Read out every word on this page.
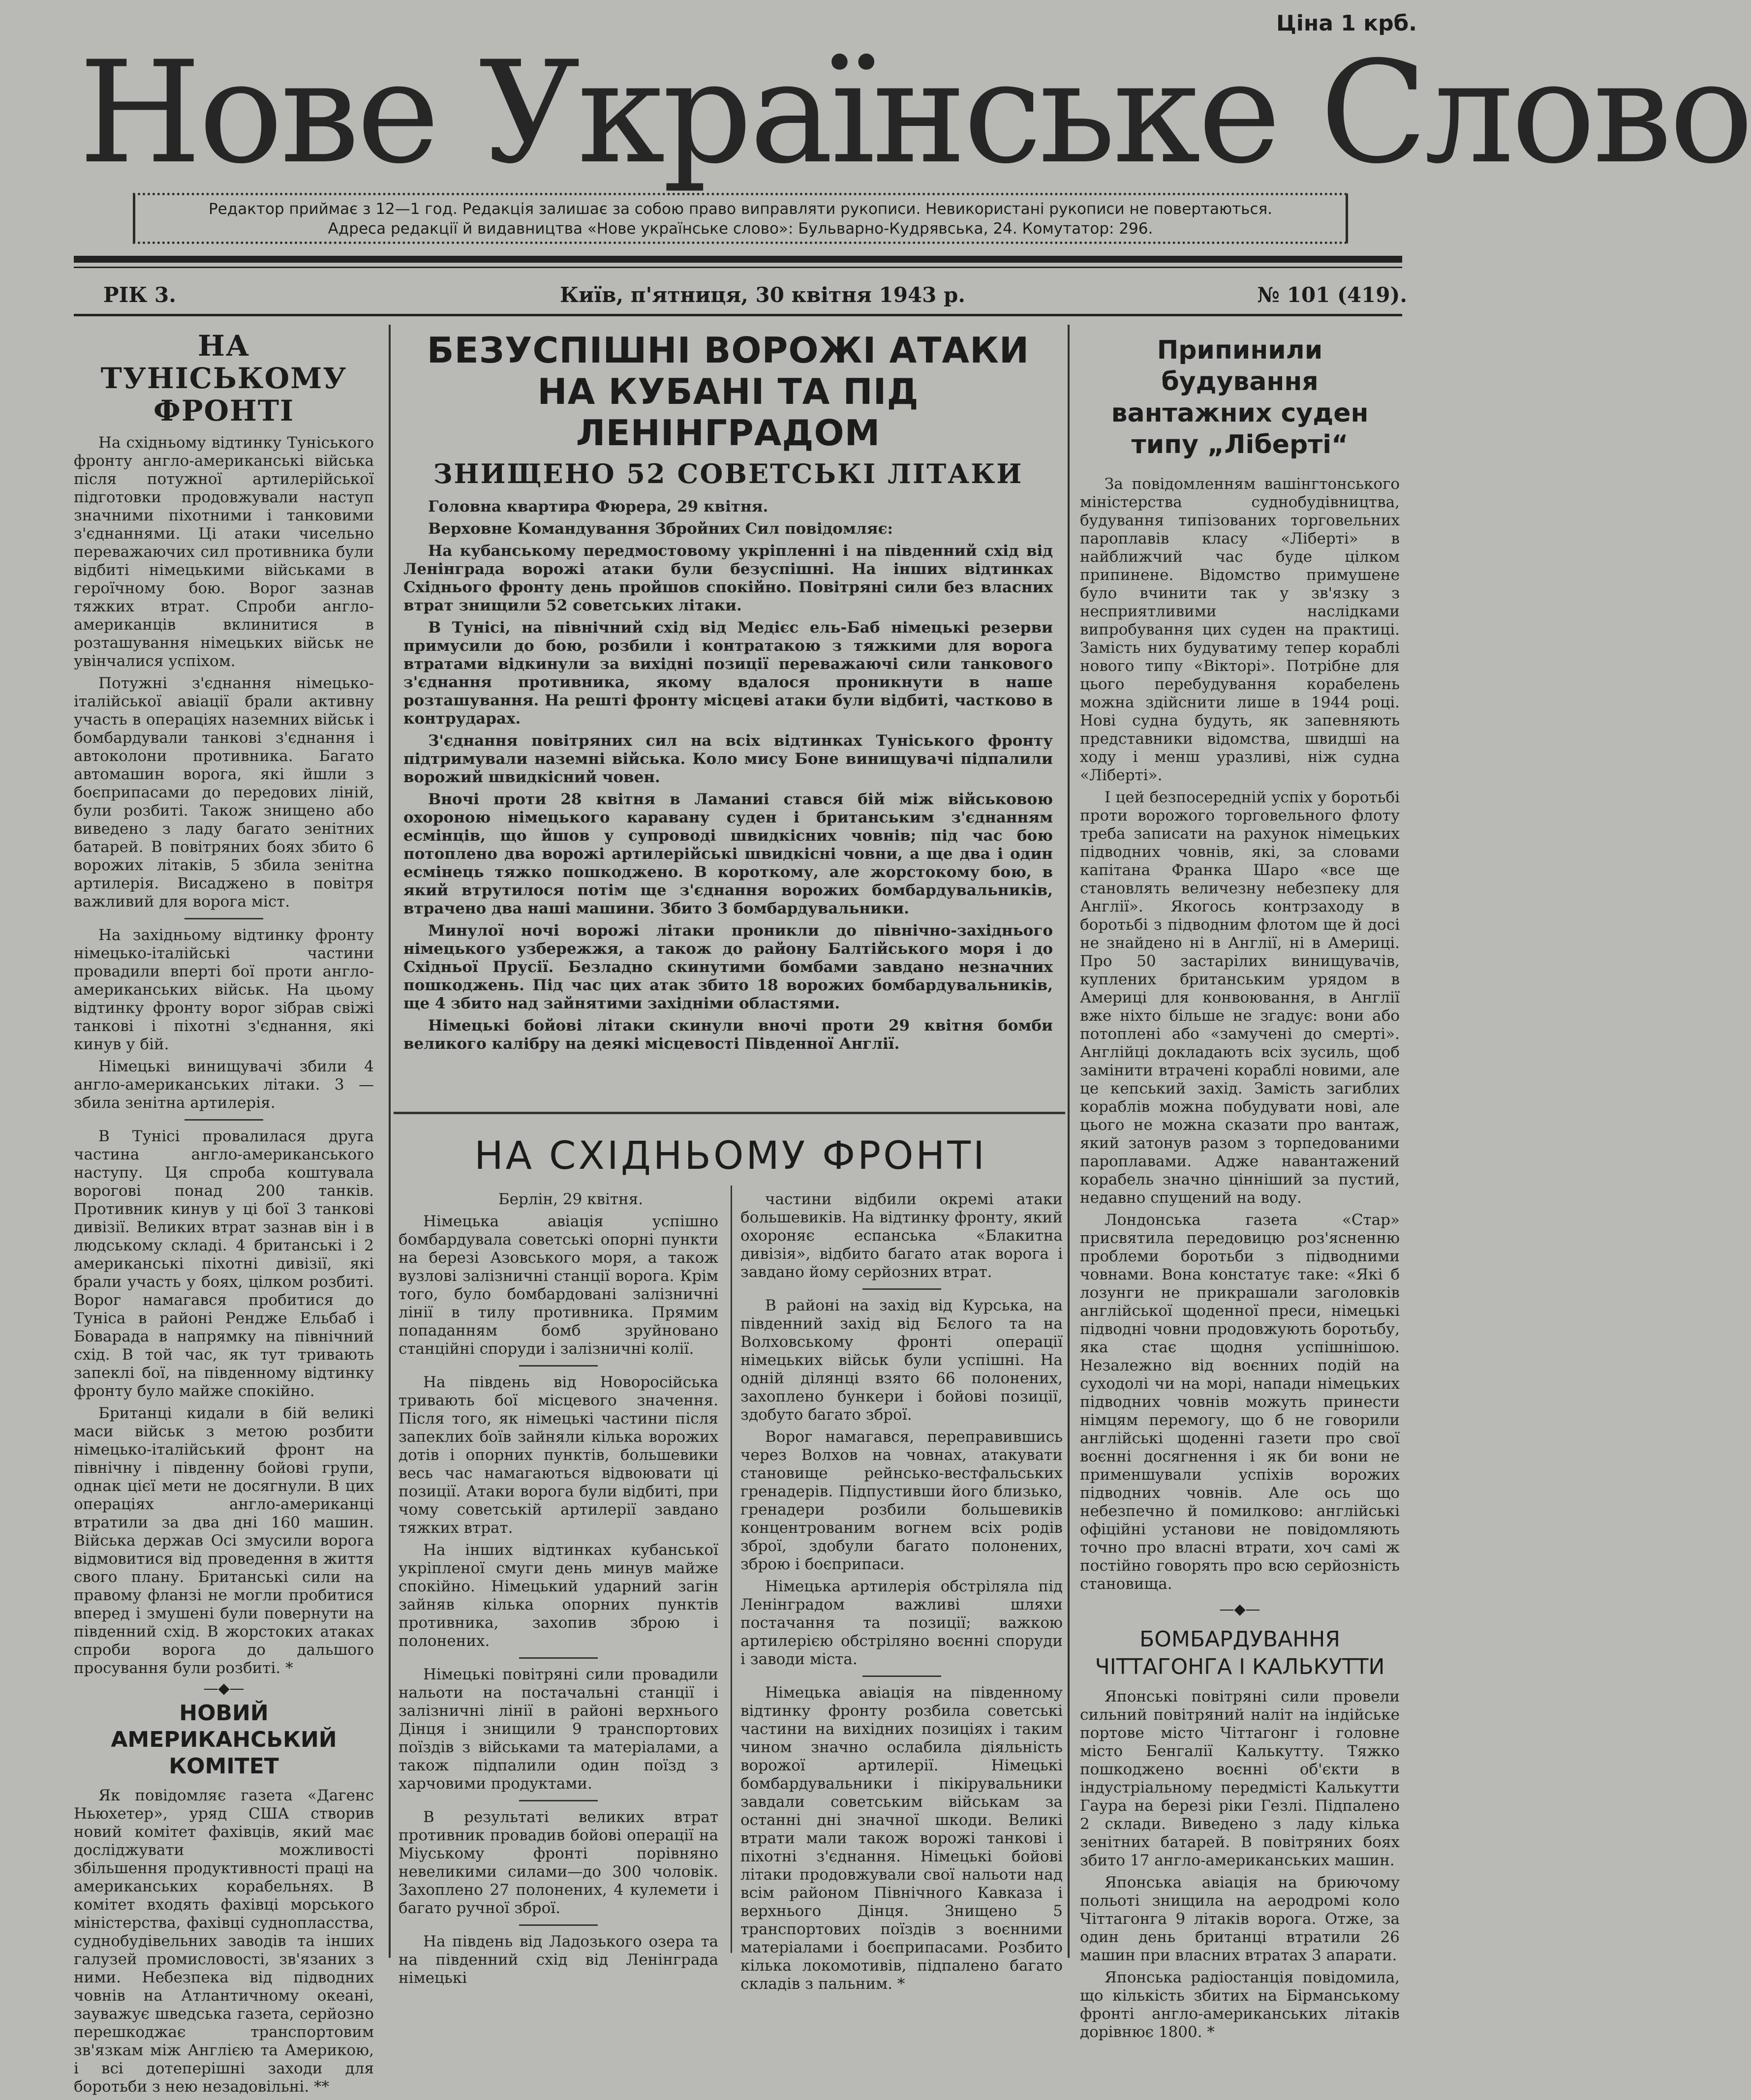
Ціна 1 крб.
Нове Українське Слово
Редактор приймає з 12—1 год. Редакція залишає за собою право виправляти рукописи. Невикористані рукописи не повертаються.
Адреса редакції й видавництва «Нове українське слово»: Бульварно-Кудрявська, 24. Комутатор: 296.
РІК 3.	Київ, п'ятниця, 30 квітня 1943 р.	№ 101 (419).
НА ТУНІСЬКОМУ ФРОНТІ

На східньому відтинку Туніського фронту англо-американські війська після потужної артилерійської підготовки продовжували наступ значними піхотними і танковими з'єднаннями. Ці атаки чисельно переважаючих сил противника були відбиті німецькими військами в героїчному бою. Ворог зазнав тяжких втрат. Спроби англо-американців вклинитися в розташування німецьких військ не увінчалися успіхом.

Потужні з'єднання німецько-італійської авіації брали активну участь в операціях наземних військ і бомбардували танкові з'єднання і автоколони противника. Багато автомашин ворога, які йшли з боєприпасами до передових ліній, були розбиті. Також знищено або виведено з ладу багато зенітних батарей. В повітряних боях збито 6 ворожих літаків, 5 збила зенітна артилерія. Висаджено в повітря важливий для ворога міст.

На західньому відтинку фронту німецько-італійські частини провадили вперті бої проти англо-американських військ. На цьому відтинку фронту ворог зібрав свіжі танкові і піхотні з'єднання, які кинув у бій.

Німецькі винищувачі збили 4 англо-американських літаки. 3 — збила зенітна артилерія.

В Тунісі провалилася друга частина англо-американського наступу. Ця спроба коштувала ворогові понад 200 танків. Противник кинув у ці бої 3 танкові дивізії. Великих втрат зазнав він і в людському складі. 4 британські і 2 американські піхотні дивізії, які брали участь у боях, цілком розбиті. Ворог намагався пробитися до Туніса в районі Рендже Ельбаб і Боварада в напрямку на північний схід. В той час, як тут тривають запеклі бої, на південному відтинку фронту було майже спокійно.

Британці кидали в бій великі маси військ з метою розбити німецько-італійський фронт на північну і південну бойові групи, однак цієї мети не досягнули. В цих операціях англо-американці втратили за два дні 160 машин. Війська держав Осі змусили ворога відмовитися від проведення в життя свого плану. Британські сили на правому фланзі не могли пробитися вперед і змушені були повернути на південний схід. В жорстоких атаках спроби ворога до дальшого просування були розбиті. *

—◆—
НОВИЙ АМЕРИКАНСЬКИЙ КОМІТЕТ

Як повідомляє газета «Дагенс Ньюхетер», уряд США створив новий комітет фахівців, який має досліджувати можливості збільшення продуктивності праці на американських корабельнях. В комітет входять фахівці морського міністерства, фахівці суднопласства, суднобудівельних заводів та інших галузей промисловості, зв'язаних з ними. Небезпека від підводних човнів на Атлантичному океані, зауважує шведська газета, серйозно перешкоджає транспортовим зв'язкам між Англією та Америкою, і всі дотеперішні заходи для боротьби з нею незадовільні. **

БЕЗУСПІШНІ ВОРОЖІ АТАКИ НА КУБАНІ ТА ПІД ЛЕНІНГРАДОМ
ЗНИЩЕНО 52 СОВЕТСЬКІ ЛІТАКИ

Головна квартира Фюрера, 29 квітня.

Верховне Командування Збройних Сил повідомляє:

На кубанському передмостовому укріпленні і на південний схід від Ленінграда ворожі атаки були безуспішні. На інших відтинках Східнього фронту день пройшов спокійно. Повітряні сили без власних втрат знищили 52 советських літаки.

В Тунісі, на північний схід від Медієс ель-Баб німецькі резерви примусили до бою, розбили і контратакою з тяжкими для ворога втратами відкинули за вихідні позиції переважаючі сили танкового з'єднання противника, якому вдалося проникнути в наше розташування. На решті фронту місцеві атаки були відбиті, частково в контрударах.

З'єднання повітряних сил на всіх відтинках Туніського фронту підтримували наземні війська. Коло мису Боне винищувачі підпалили ворожий швидкісний човен.

Вночі проти 28 квітня в Ламаниі стався бій між військовою охороною німецького каравану суден і британським з'єднанням есмінців, що йшов у супроводі швидкісних човнів; під час бою потоплено два ворожі артилерійські швидкісні човни, а ще два і один есмінець тяжко пошкоджено. В короткому, але жорстокому бою, в який втрутилося потім ще з'єднання ворожих бомбардувальників, втрачено два наші машини. Збито 3 бомбардувальники.

Минулої ночі ворожі літаки проникли до північно-західнього німецького узбережжя, а також до району Балтійського моря і до Східньої Прусії. Безладно скинутими бомбами завдано незначних пошкоджень. Під час цих атак збито 18 ворожих бомбардувальників, ще 4 збито над зайнятими західніми областями.

Німецькі бойові літаки скинули вночі проти 29 квітня бомби великого калібру на деякі місцевості Південної Англії.

НА СХІДНЬОМУ ФРОНТІ

Берлін, 29 квітня.

Німецька авіація успішно бомбардувала советські опорні пункти на березі Азовського моря, а також вузлові залізничні станції ворога. Крім того, було бомбардовані залізничні лінії в тилу противника. Прямим попаданням бомб зруйновано станційні споруди і залізничні колії.

На південь від Новоросійська тривають бої місцевого значення. Після того, як німецькі частини після запеклих боїв зайняли кілька ворожих дотів і опорних пунктів, большевики весь час намагаються відвоювати ці позиції. Атаки ворога були відбиті, при чому советській артилерії завдано тяжких втрат.

На інших відтинках кубанської укріпленої смуги день минув майже спокійно. Німецький ударний загін зайняв кілька опорних пунктів противника, захопив зброю і полонених.

Німецькі повітряні сили провадили нальоти на постачальні станції і залізничні лінії в районі верхнього Дінця і знищили 9 транспортових поїздів з військами та матеріалами, а також підпалили один поїзд з харчовими продуктами.

В результаті великих втрат противник провадив бойові операції на Міуському фронті порівняно невеликими силами—до 300 чоловік. Захоплено 27 полонених, 4 кулемети і багато ручної зброї.

На південь від Ладозького озера та на південний схід від Ленінграда німецькі

частини відбили окремі атаки большевиків. На відтинку фронту, який охороняє еспанська «Блакитна дивізія», відбито багато атак ворога і завдано йому серйозних втрат.

В районі на захід від Курська, на південний захід від Бєлого та на Волховському фронті операції німецьких військ були успішні. На одній ділянці взято 66 полонених, захоплено бункери і бойові позиції, здобуто багато зброї.

Ворог намагався, переправившись через Волхов на човнах, атакувати становище рейнсько-вестфальських гренадерів. Підпустивши його близько, гренадери розбили большевиків концентрованим вогнем всіх родів зброї, здобули багато полонених, зброю і боєприпаси.

Німецька артилерія обстріляла під Ленінградом важливі шляхи постачання та позиції; важкою артилерією обстріляно воєнні споруди і заводи міста.

Німецька авіація на південному відтинку фронту розбила советські частини на вихідних позиціях і таким чином значно ослабила діяльність ворожої артилерії. Німецькі бомбардувальники і пікірувальники завдали советським військам за останні дні значної шкоди. Великі втрати мали також ворожі танкові і піхотні з'єднання. Німецькі бойові літаки продовжували свої нальоти над всім районом Північного Кавказа і верхнього Дінця. Знищено 5 транспортових поїздів з воєнними матеріалами і боєприпасами. Розбито кілька локомотивів, підпалено багато складів з пальним. *

Припинили будування вантажних суден типу „Ліберті“

За повідомленням вашінгтонського міністерства суднобудівництва, будування типізованих торговельних пароплавів класу «Ліберті» в найближчий час буде цілком припинене. Відомство примушене було вчинити так у зв'язку з несприятливими наслідками випробування цих суден на практиці. Замість них будуватиму тепер кораблі нового типу «Вікторі». Потрібне для цього перебудування корабелень можна здійснити лише в 1944 році. Нові судна будуть, як запевняють представники відомства, швидші на ходу і менш уразливі, ніж судна «Ліберті».

І цей безпосередній успіх у боротьбі проти ворожого торговельного флоту треба записати на рахунок німецьких підводних човнів, які, за словами капітана Франка Шаро «все ще становлять величезну небезпеку для Англії». Якогось контрзаходу в боротьбі з підводним флотом ще й досі не знайдено ні в Англії, ні в Америці. Про 50 застарілих винищувачів, куплених британським урядом в Америці для конвоювання, в Англії вже ніхто більше не згадує: вони або потоплені або «замучені до смерті». Англійці докладають всіх зусиль, щоб замінити втрачені кораблі новими, але це кепський захід. Замість загиблих кораблів можна побудувати нові, але цього не можна сказати про вантаж, який затонув разом з торпедованими пароплавами. Адже навантажений корабель значно цінніший за пустий, недавно спущений на воду.

Лондонська газета «Стар» присвятила передовицю роз'ясненню проблеми боротьби з підводними човнами. Вона констатує таке: «Які б лозунги не прикрашали заголовків англійської щоденної преси, німецькі підводні човни продовжують боротьбу, яка стає щодня успішнішою. Незалежно від воєнних подій на суходолі чи на морі, напади німецьких підводних човнів можуть принести німцям перемогу, що б не говорили англійські щоденні газети про свої воєнні досягнення і як би вони не применшували успіхів ворожих підводних човнів. Але ось що небезпечно й помилково: англійські офіційні установи не повідомляють точно про власні втрати, хоч самі ж постійно говорять про всю серйозність становища.

—◆—
БОМБАРДУВАННЯ ЧІТТАГОНГА І КАЛЬКУТТИ

Японські повітряні сили провели сильний повітряний наліт на індійське портове місто Чіттагонг і головне місто Бенгалії Калькутту. Тяжко пошкоджено воєнні об'єкти в індустріальному передмісті Калькутти Гаура на березі ріки Гезлі. Підпалено 2 склади. Виведено з ладу кілька зенітних батарей. В повітряних боях збито 17 англо-американських машин.

Японська авіація на бриючому польоті знищила на аеродромі коло Чіттагонга 9 літаків ворога. Отже, за один день британці втратили 26 машин при власних втратах 3 апарати.

Японська радіостанція повідомила, що кількість збитих на Бірманському фронті англо-американських літаків дорівнює 1800. *
